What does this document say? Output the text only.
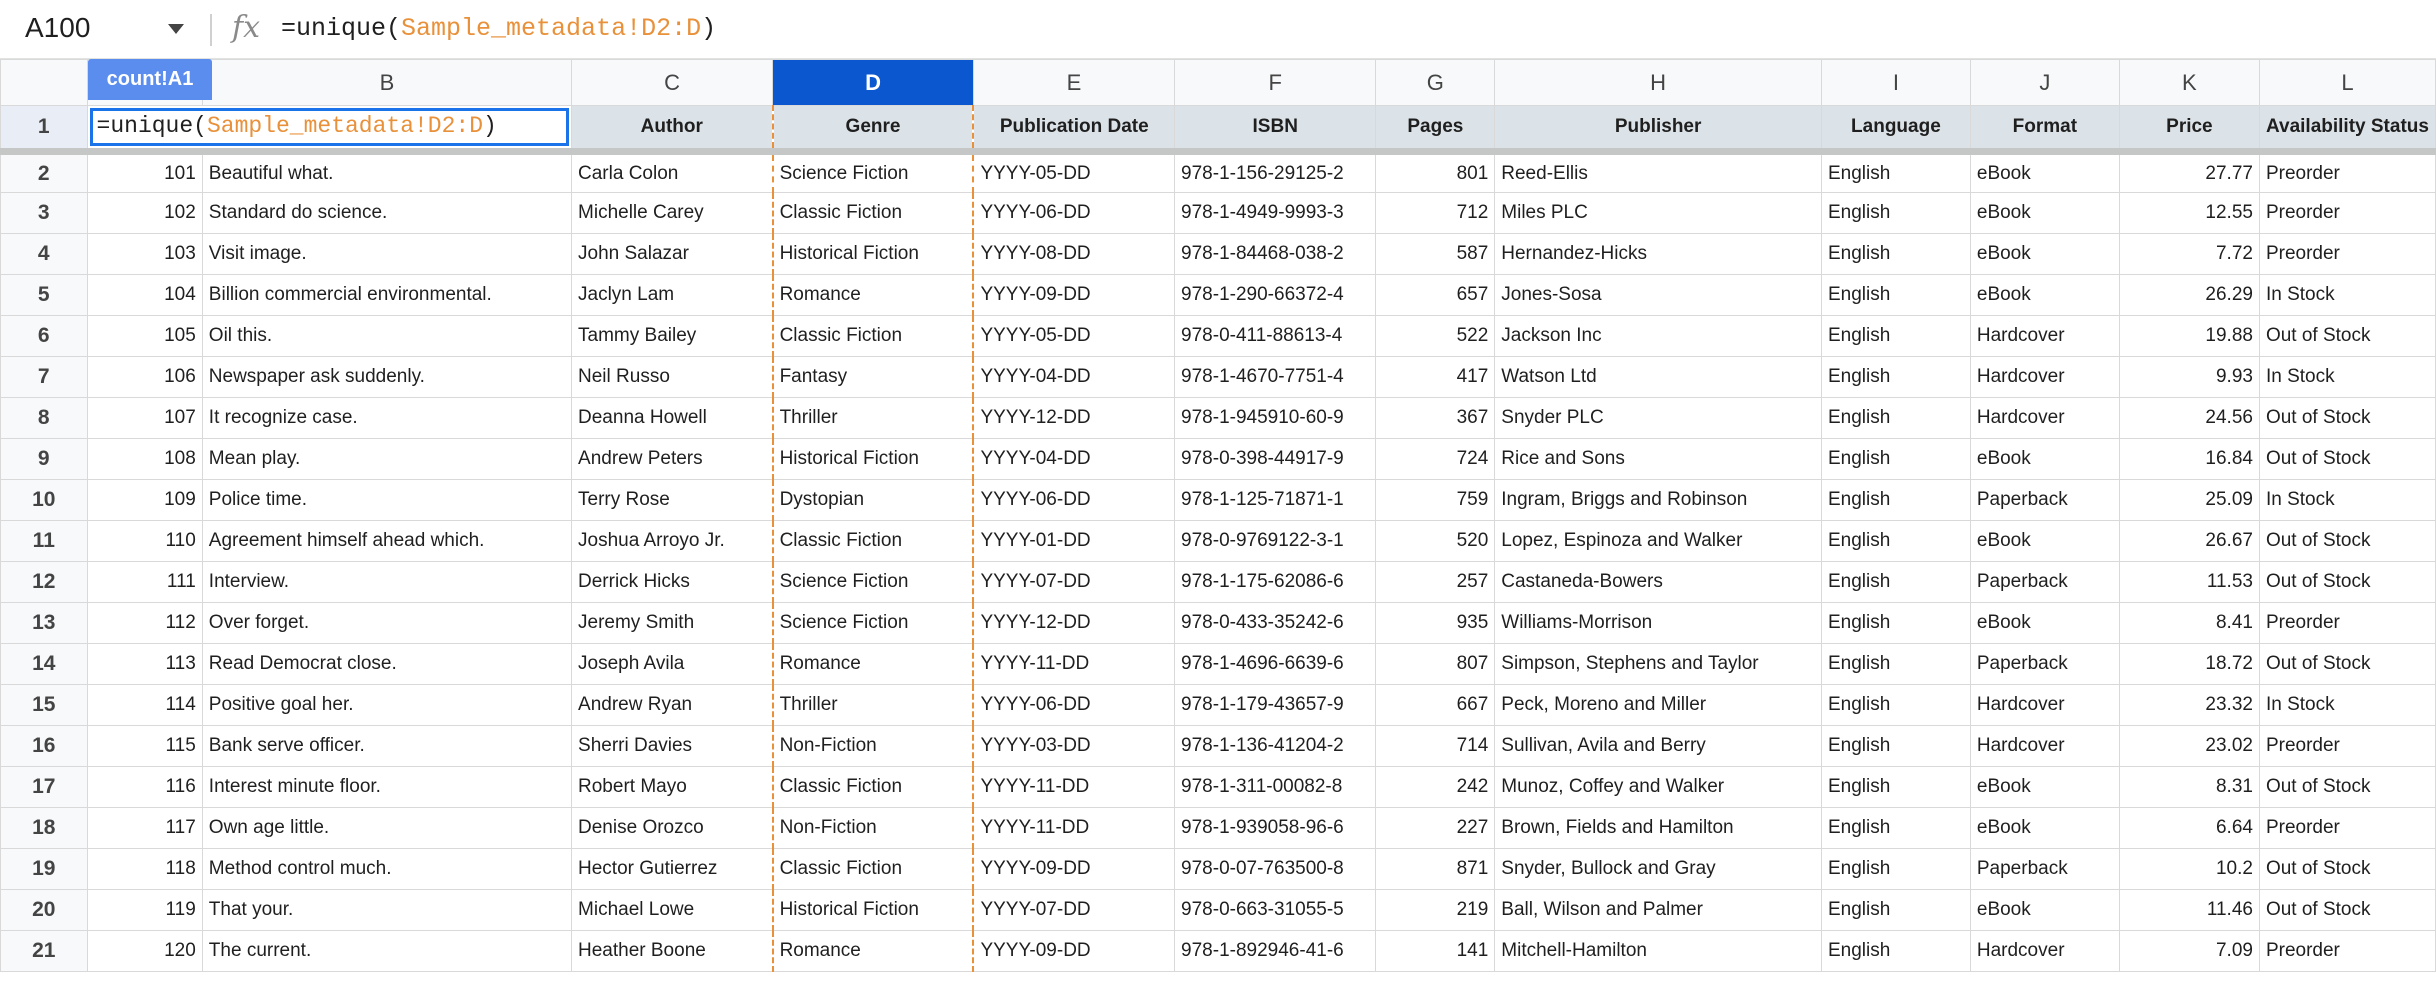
A100	fx =unique(Sample_metadata!D2:D)
		B	C	D	E	F	G	H	I	J	K	L
1	=unique(Sample_metadata!D2:D)		Author	Genre	Publication Date	ISBN	Pages	Publisher	Language	Format	Price	Availability Status
2	101	Beautiful what.	Carla Colon	Science Fiction	YYYY-05-DD	978-1-156-29125-2	801	Reed-Ellis	English	eBook	27.77	Preorder
3	102	Standard do science.	Michelle Carey	Classic Fiction	YYYY-06-DD	978-1-4949-9993-3	712	Miles PLC	English	eBook	12.55	Preorder
4	103	Visit image.	John Salazar	Historical Fiction	YYYY-08-DD	978-1-84468-038-2	587	Hernandez-Hicks	English	eBook	7.72	Preorder
5	104	Billion commercial environmental.	Jaclyn Lam	Romance	YYYY-09-DD	978-1-290-66372-4	657	Jones-Sosa	English	eBook	26.29	In Stock
6	105	Oil this.	Tammy Bailey	Classic Fiction	YYYY-05-DD	978-0-411-88613-4	522	Jackson Inc	English	Hardcover	19.88	Out of Stock
7	106	Newspaper ask suddenly.	Neil Russo	Fantasy	YYYY-04-DD	978-1-4670-7751-4	417	Watson Ltd	English	Hardcover	9.93	In Stock
8	107	It recognize case.	Deanna Howell	Thriller	YYYY-12-DD	978-1-945910-60-9	367	Snyder PLC	English	Hardcover	24.56	Out of Stock
9	108	Mean play.	Andrew Peters	Historical Fiction	YYYY-04-DD	978-0-398-44917-9	724	Rice and Sons	English	eBook	16.84	Out of Stock
10	109	Police time.	Terry Rose	Dystopian	YYYY-06-DD	978-1-125-71871-1	759	Ingram, Briggs and Robinson	English	Paperback	25.09	In Stock
11	110	Agreement himself ahead which.	Joshua Arroyo Jr.	Classic Fiction	YYYY-01-DD	978-0-9769122-3-1	520	Lopez, Espinoza and Walker	English	eBook	26.67	Out of Stock
12	111	Interview.	Derrick Hicks	Science Fiction	YYYY-07-DD	978-1-175-62086-6	257	Castaneda-Bowers	English	Paperback	11.53	Out of Stock
13	112	Over forget.	Jeremy Smith	Science Fiction	YYYY-12-DD	978-0-433-35242-6	935	Williams-Morrison	English	eBook	8.41	Preorder
14	113	Read Democrat close.	Joseph Avila	Romance	YYYY-11-DD	978-1-4696-6639-6	807	Simpson, Stephens and Taylor	English	Paperback	18.72	Out of Stock
15	114	Positive goal her.	Andrew Ryan	Thriller	YYYY-06-DD	978-1-179-43657-9	667	Peck, Moreno and Miller	English	Hardcover	23.32	In Stock
16	115	Bank serve officer.	Sherri Davies	Non-Fiction	YYYY-03-DD	978-1-136-41204-2	714	Sullivan, Avila and Berry	English	Hardcover	23.02	Preorder
17	116	Interest minute floor.	Robert Mayo	Classic Fiction	YYYY-11-DD	978-1-311-00082-8	242	Munoz, Coffey and Walker	English	eBook	8.31	Out of Stock
18	117	Own age little.	Denise Orozco	Non-Fiction	YYYY-11-DD	978-1-939058-96-6	227	Brown, Fields and Hamilton	English	eBook	6.64	Preorder
19	118	Method control much.	Hector Gutierrez	Classic Fiction	YYYY-09-DD	978-0-07-763500-8	871	Snyder, Bullock and Gray	English	Paperback	10.2	Out of Stock
20	119	That your.	Michael Lowe	Historical Fiction	YYYY-07-DD	978-0-663-31055-5	219	Ball, Wilson and Palmer	English	eBook	11.46	Out of Stock
21	120	The current.	Heather Boone	Romance	YYYY-09-DD	978-1-892946-41-6	141	Mitchell-Hamilton	English	Hardcover	7.09	Preorder
count!A1
